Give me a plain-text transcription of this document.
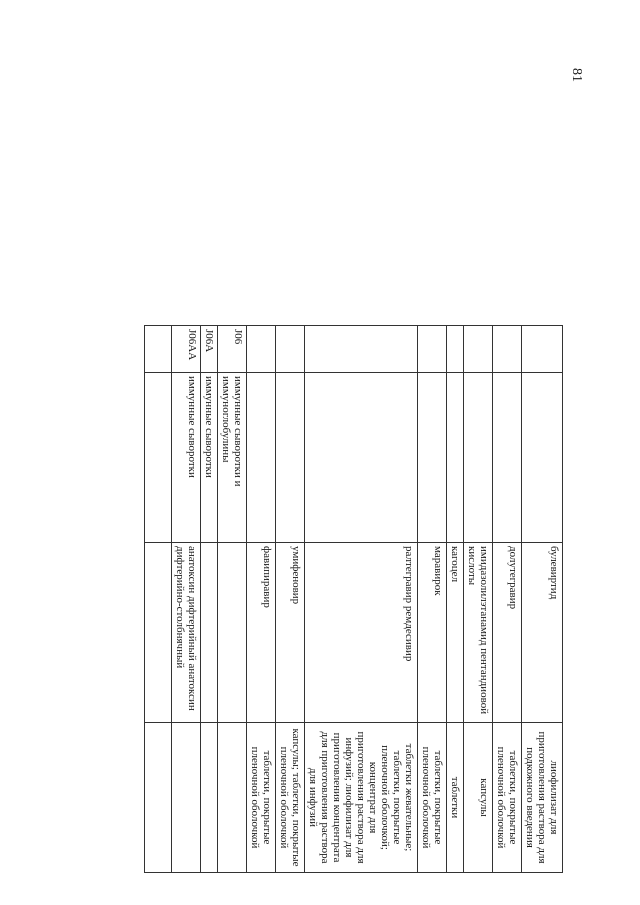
81
		булевиртид	лиофилизат для приготовления раствора для подкожного введения
		долутегравир	таблетки, покрытые пленочной оболочкой
		имидазолилэтанамид пентандиовой кислоты	капсулы
		кагоцел	таблетки
		маравирок	таблетки, покрытые пленочной оболочкой
		ралтегравир ремдесивир	таблетки жевательные; таблетки, покрытые пленочной оболочкой; концентрат для приготовления раствора для инфузий; лиофилизат для приготовления концентрата для приготовления раствора для инфузий
		умифеновир	капсулы; таблетки, покрытые пленочной оболочкой
		фавипиравир	таблетки, покрытые пленочной оболочкой
J06	иммунные сыворотки и иммуноглобулины		
J06A	иммунные сыворотки		
J06AA	иммунные сыворотки	анатоксин дифтерийный анатоксин дифтерийно-столбнячный	
